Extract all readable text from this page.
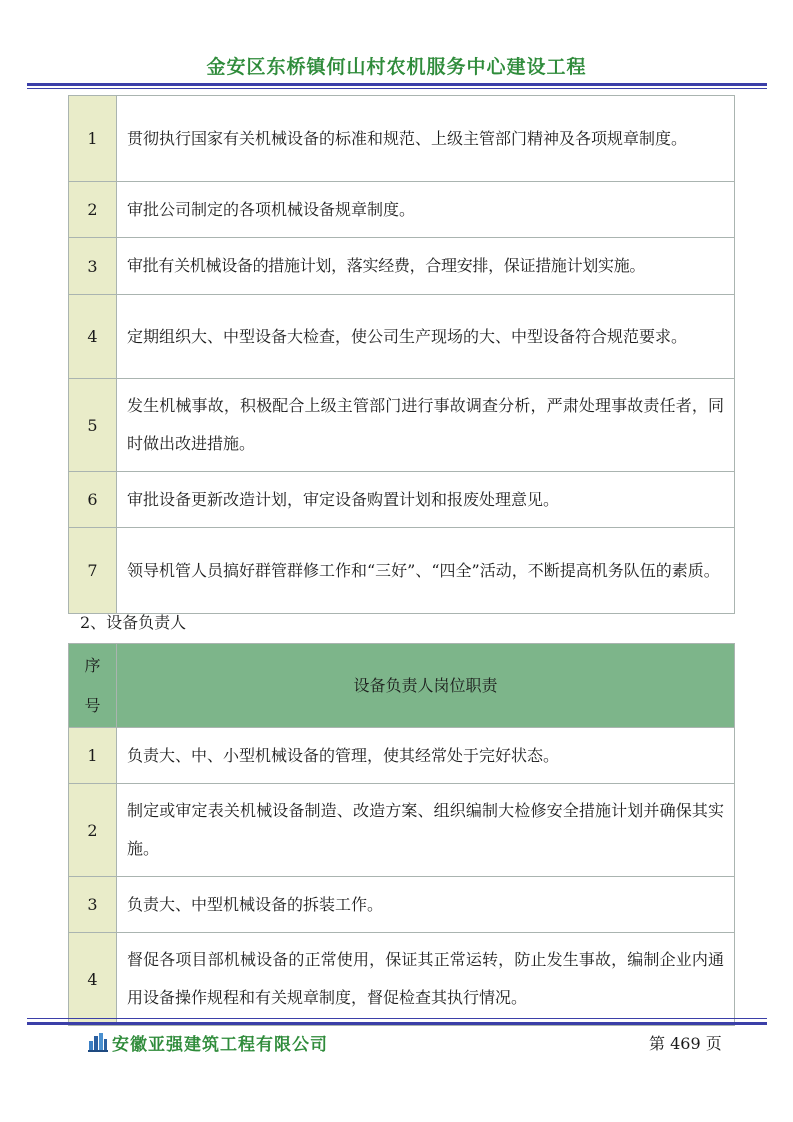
金安区东桥镇何山村农机服务中心建设工程
1	贯彻执行国家有关机械设备的标准和规范、上级主管部门精神及各项规章制度。
2	审批公司制定的各项机械设备规章制度。
3	审批有关机械设备的措施计划，落实经费，合理安排，保证措施计划实施。
4	定期组织大、中型设备大检查，使公司生产现场的大、中型设备符合规范要求。
5	发生机械事故，积极配合上级主管部门进行事故调查分析，严肃处理事故责任者，同时做出改进措施。
6	审批设备更新改造计划，审定设备购置计划和报废处理意见。
7	领导机管人员搞好群管群修工作和“三好”、“四全”活动，不断提高机务队伍的素质。
2、设备负责人
序号	设备负责人岗位职责
1	负责大、中、小型机械设备的管理，使其经常处于完好状态。
2	制定或审定表关机械设备制造、改造方案、组织编制大检修安全措施计划并确保其实施。
3	负责大、中型机械设备的拆装工作。
4	督促各项目部机械设备的正常使用，保证其正常运转，防止发生事故，编制企业内通用设备操作规程和有关规章制度，督促检查其执行情况。
安徽亚强建筑工程有限公司	第 469 页
